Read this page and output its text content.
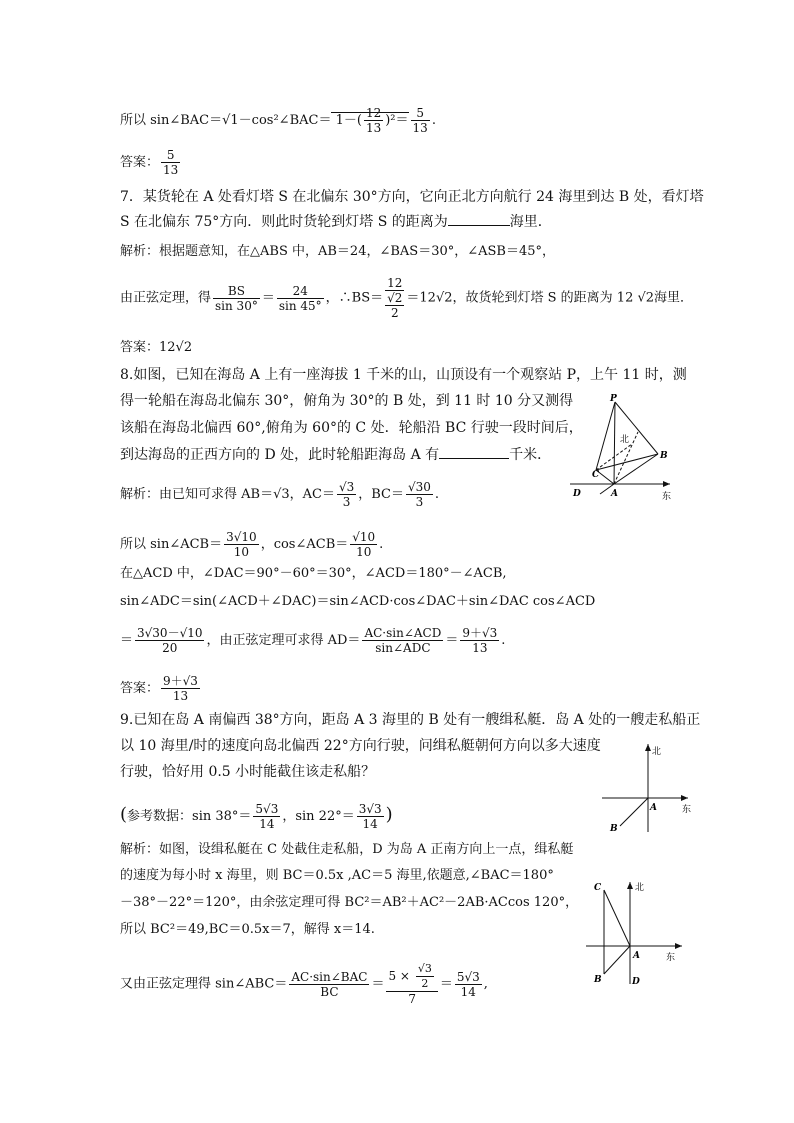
所以 sin∠BAC＝√1－cos²∠BAC＝ $1-( \frac{12}{13} )^2= \frac{5}{13}$ .
答案： $\frac{5}{13}$
7．某货轮在 A 处看灯塔 S 在北偏东 30°方向，它向正北方向航行 24 海里到达 B 处，看灯塔
S 在北偏东 75°方向．则此时货轮到灯塔 S 的距离为	海里．
解析：根据题意知，在△ABS 中，AB＝24，∠BAS＝30°，∠ASB＝45°，
由正弦定理，得 $\frac{BS}{\sin 30^\circ} = \frac{24}{\sin 45^\circ}$ ，∴BS＝
12
√2
2
＝12√2，故货轮到灯塔 S 的距离为 12 √2海里．
答案：12√2
8.如图，已知在海岛 A 上有一座海拔 1 千米的山，山顶设有一个观察站 P，上午 11 时，测
得一轮船在海岛北偏东 30°，俯角为 30°的 B 处，到 11 时 10 分又测得
该船在海岛北偏西 60°,俯角为 60°的 C 处．轮船沿 BC 行驶一段时间后，
到达海岛的正西方向的 D 处，此时轮船距海岛 A 有	千米．
解析：由已知可求得 AB＝√3，$AC= \frac{√3}{3}$ ，$BC= \frac{√30}{3}$ .
所以 sin∠ACB＝ $\frac{3√10}{10}$ ，cos∠ACB＝ $\frac{√10}{10}$ .
在△ACD 中，∠DAC＝90°－60°＝30°，∠ACD＝180°－∠ACB,
sin∠ADC＝sin(∠ACD＋∠DAC)＝sin∠ACD·cos∠DAC＋sin∠DAC cos∠ACD
＝ $\frac{3√30-√10}{20}$ ，由正弦定理可求得 $AD= \frac{\text{AC·sin∠ACD}}{\text{sin∠ADC}} = \frac{9+√3}{13}$ .
答案： $\frac{9+√3}{13}$
9.已知在岛 A 南偏西 38°方向，距岛 A 3 海里的 B 处有一艘缉私艇．岛 A 处的一艘走私船正
以 10 海里/时的速度向岛北偏西 22°方向行驶，问缉私艇朝何方向以多大速度
行驶，恰好用 0.5 小时能截住该走私船？
(参考数据：$\sin 38^\circ= \frac{5√3}{14}$ ，$\sin 22^\circ= \frac{3√3}{14}$ )
解析：如图，设缉私艇在 C 处截住走私船，D 为岛 A 正南方向上一点，缉私艇
的速度为每小时 x 海里，则 BC＝0.5x ,AC＝5 海里,依题意,∠BAC＝180°
－38°－22°＝120°，由余弦定理可得 BC²＝AB²＋AC²－2AB·ACcos 120°，
所以 BC²＝49,BC＝0.5x＝7，解得 x＝14.
又由正弦定理得 sin∠ABC＝ $\frac{\text{AC·sin∠BAC}}{BC} = \frac{5 \times \frac{√3}{2}}{7} = \frac{5√3}{14}$ ,
P
北
C
B
D	A	东
北
A	东
B
C	北
A	东
B	D
